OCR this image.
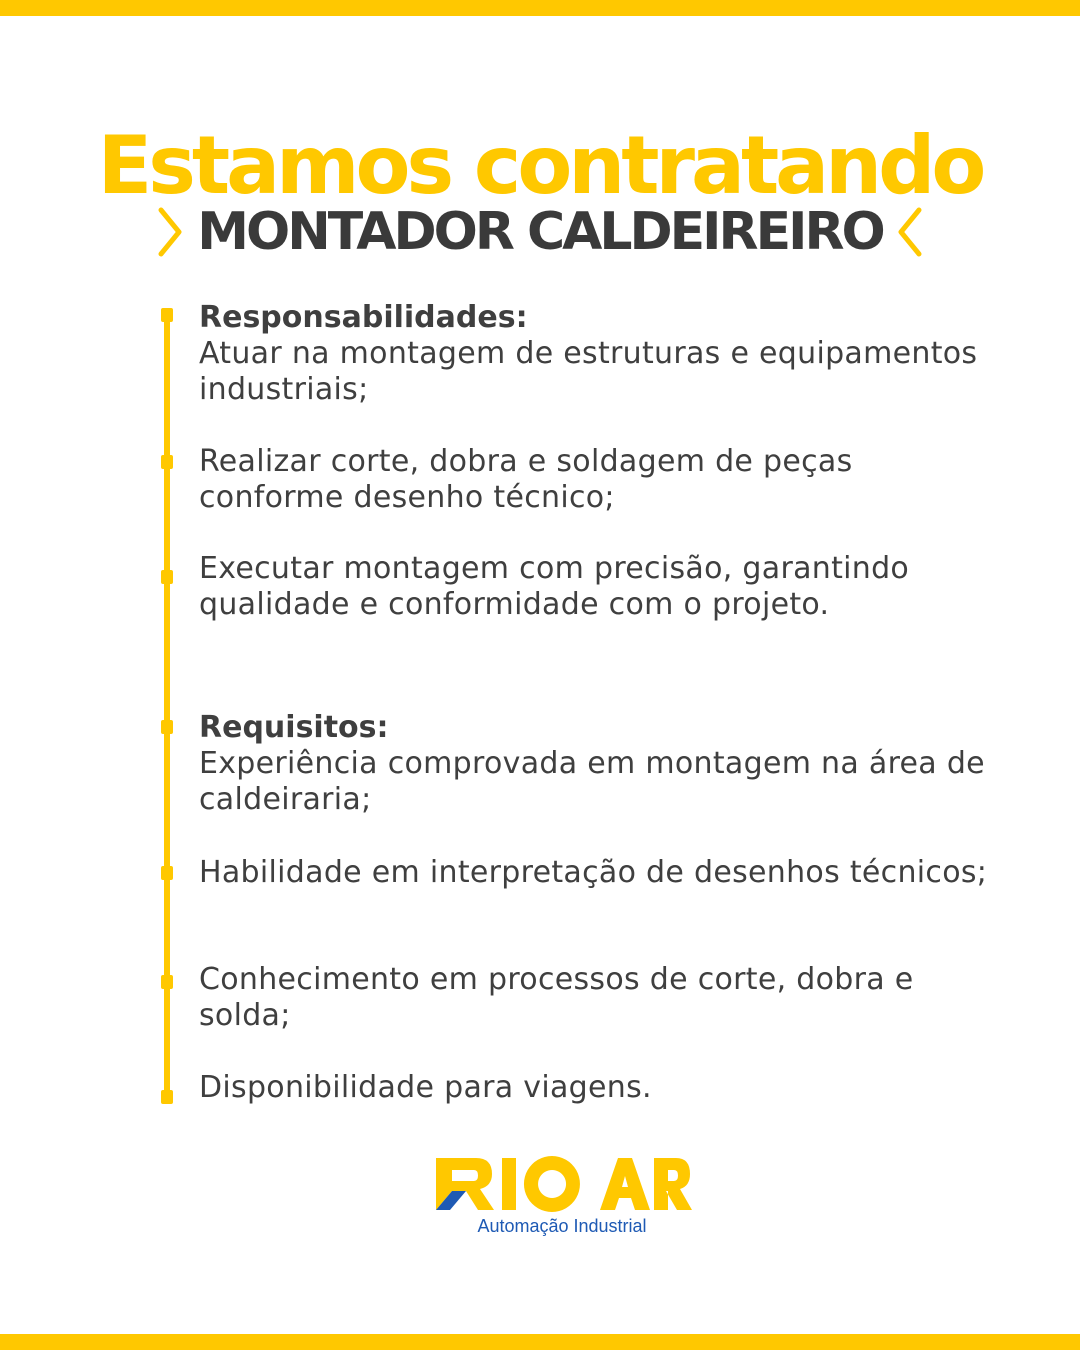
Estamos contratando
MONTADOR CALDEIREIRO
Responsabilidades:
Atuar na montagem de estruturas e equipamentos industriais;
Realizar corte, dobra e soldagem de peças conforme desenho técnico;
Executar montagem com precisão, garantindo qualidade e conformidade com o projeto.
Requisitos:
Experiência comprovada em montagem na área de caldeiraria;
Habilidade em interpretação de desenhos técnicos;
Conhecimento em processos de corte, dobra e solda;
Disponibilidade para viagens.
Automação Industrial
